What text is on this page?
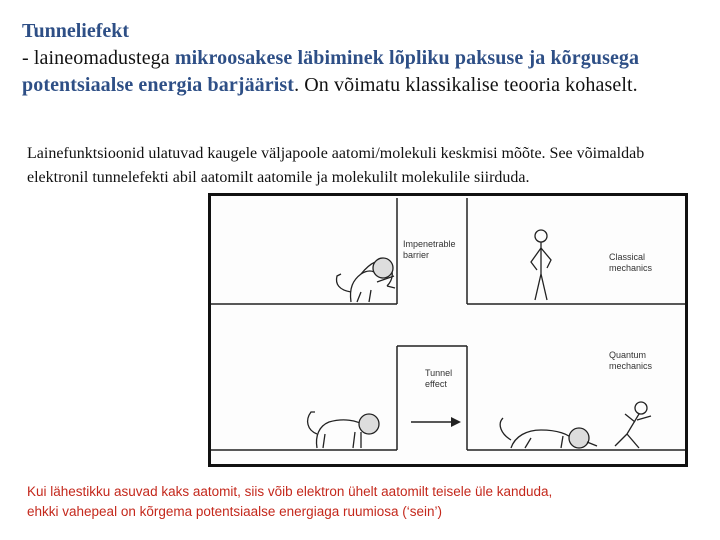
Tunneliefekt
- laineomadustega mikroosakese läbiminek lõpliku paksuse ja kõrgusega potentsiaalse energia barjäärist. On võimatu klassikalise teooria kohaselt.
Lainefunktsioonid ulatuvad kaugele väljapoole aatomi/molekuli keskmisi mõõte. See võimaldab elektronil tunnelefekti abil aatomilt aatomile ja molekulilt molekulile siirduda.
Impenetrable
barrier	Classical
mechanics
Tunnel
effect
Quantum
mechanics
Kui lähestikku asuvad kaks aatomit, siis võib elektron ühelt aatomilt teisele üle kanduda,
ehkki vahepeal on kõrgema potentsiaalse energiaga ruumiosa (‘sein’)
